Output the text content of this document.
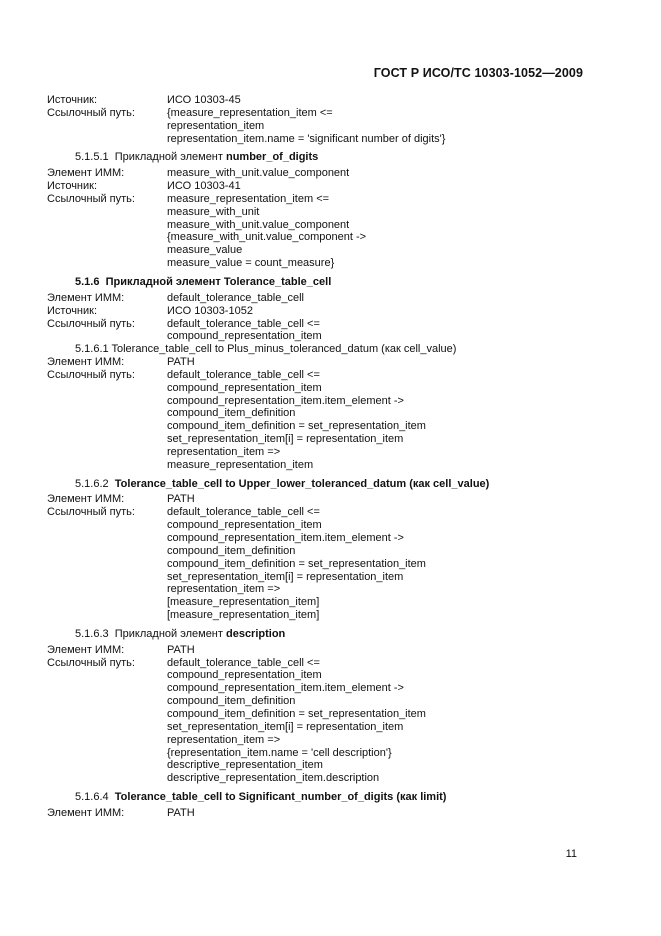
ГОСТ Р ИСО/ТС 10303-1052—2009
Источник:	ИСО 10303-45
Ссылочный путь:	{measure_representation_item <=
representation_item
representation_item.name = 'significant number of digits'}
5.1.5.1 Прикладной элемент number_of_digits
Элемент ИММ:	measure_with_unit.value_component
Источник:	ИСО 10303-41
Ссылочный путь:	measure_representation_item <=
measure_with_unit
measure_with_unit.value_component
{measure_with_unit.value_component ->
measure_value
measure_value = count_measure}
5.1.6 Прикладной элемент Tolerance_table_cell
Элемент ИММ:	default_tolerance_table_cell
Источник:	ИСО 10303-1052
Ссылочный путь:	default_tolerance_table_cell <=
compound_representation_item
5.1.6.1 Tolerance_table_cell to Plus_minus_toleranced_datum (как cell_value)
Элемент ИММ:	PATH
Ссылочный путь:	default_tolerance_table_cell <=
compound_representation_item
compound_representation_item.item_element ->
compound_item_definition
compound_item_definition = set_representation_item
set_representation_item[i] = representation_item
representation_item =>
measure_representation_item
5.1.6.2 Tolerance_table_cell to Upper_lower_toleranced_datum (как cell_value)
Элемент ИММ:	PATH
Ссылочный путь:	default_tolerance_table_cell <=
compound_representation_item
compound_representation_item.item_element ->
compound_item_definition
compound_item_definition = set_representation_item
set_representation_item[i] = representation_item
representation_item =>
[measure_representation_item]
[measure_representation_item]
5.1.6.3 Прикладной элемент description
Элемент ИММ:	PATH
Ссылочный путь:	default_tolerance_table_cell <=
compound_representation_item
compound_representation_item.item_element ->
compound_item_definition
compound_item_definition = set_representation_item
set_representation_item[i] = representation_item
representation_item =>
{representation_item.name = 'cell description'}
descriptive_representation_item
descriptive_representation_item.description
5.1.6.4 Tolerance_table_cell to Significant_number_of_digits (как limit)
Элемент ИММ:	PATH
11
